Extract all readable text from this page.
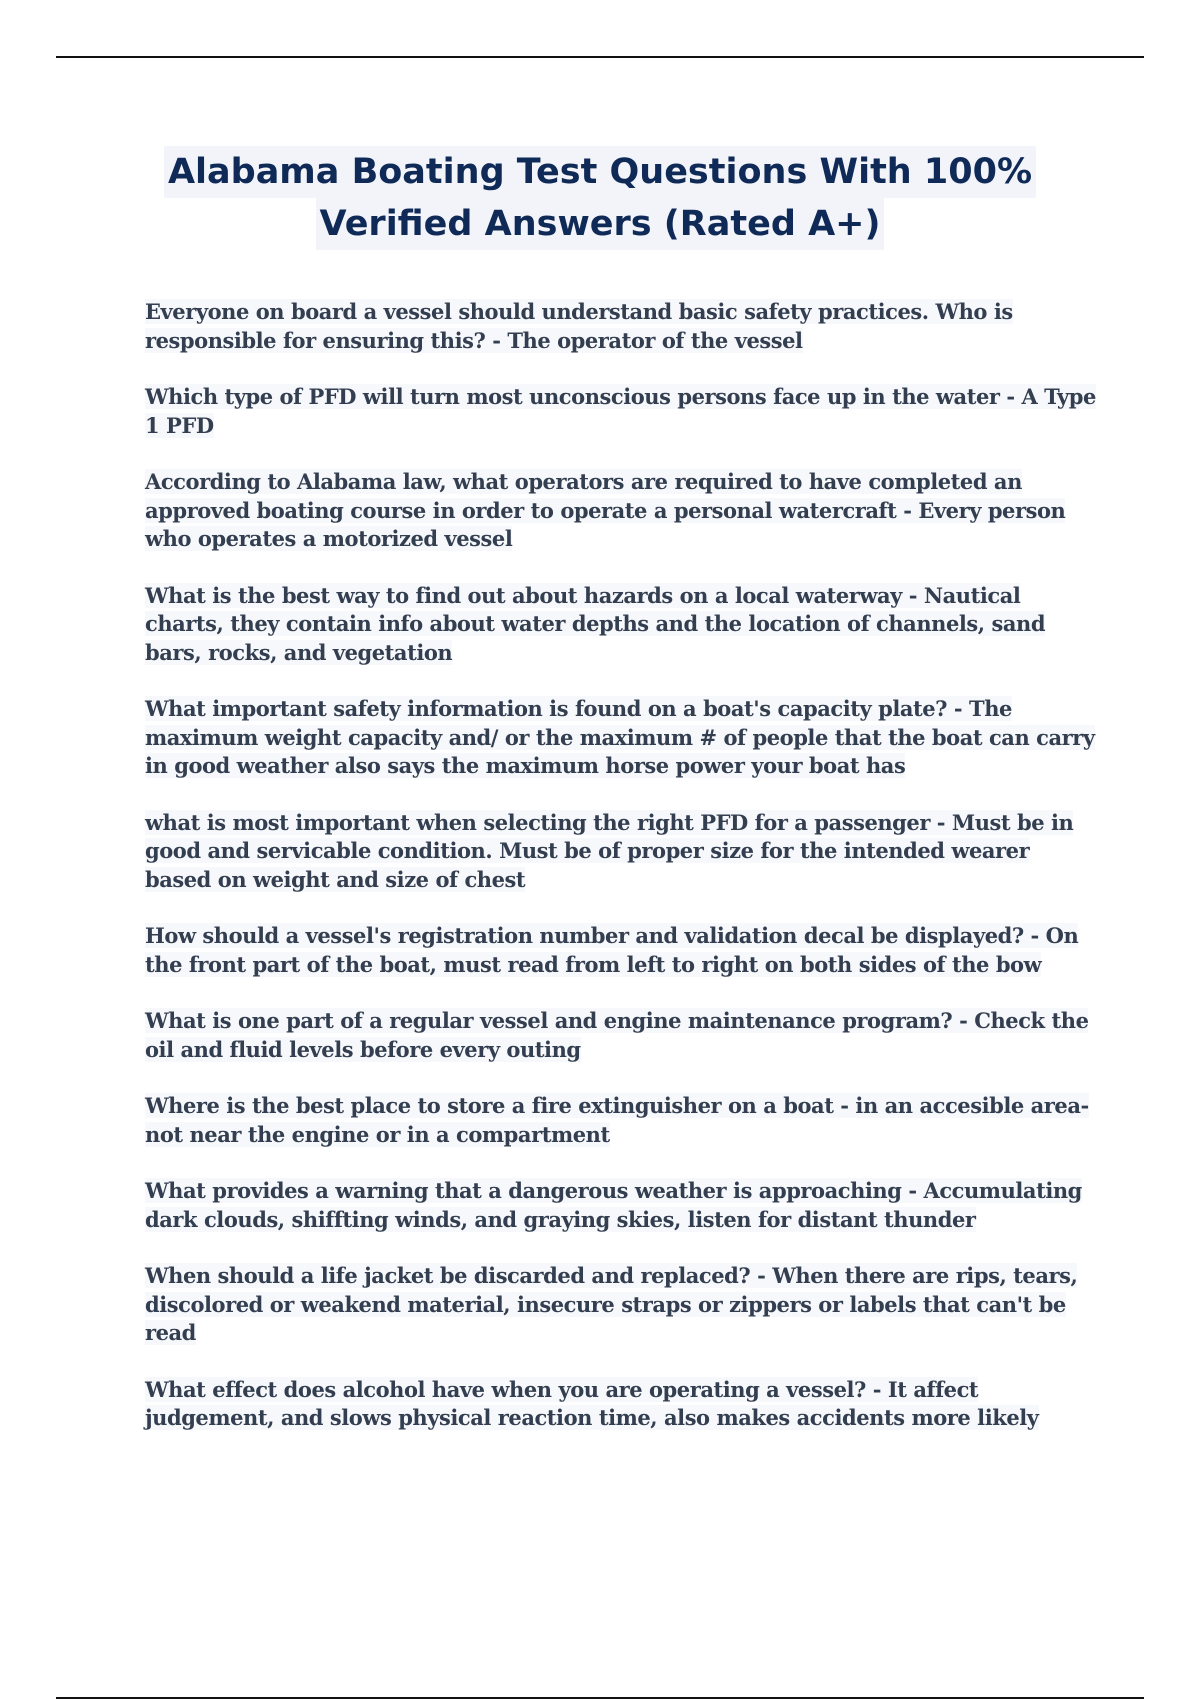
Alabama Boating Test Questions With 100%
Verified Answers (Rated A+)

Everyone on board a vessel should understand basic safety practices. Who is responsible for ensuring this? - The operator of the vessel

Which type of PFD will turn most unconscious persons face up in the water - A Type 1 PFD

According to Alabama law, what operators are required to have completed an approved boating course in order to operate a personal watercraft - Every person who operates a motorized vessel

What is the best way to find out about hazards on a local waterway - Nautical charts, they contain info about water depths and the location of channels, sand bars, rocks, and vegetation

What important safety information is found on a boat's capacity plate? - The maximum weight capacity and/ or the maximum # of people that the boat can carry in good weather also says the maximum horse power your boat has

what is most important when selecting the right PFD for a passenger - Must be in good and servicable condition. Must be of proper size for the intended wearer based on weight and size of chest

How should a vessel's registration number and validation decal be displayed? - On the front part of the boat, must read from left to right on both sides of the bow

What is one part of a regular vessel and engine maintenance program? - Check the oil and fluid levels before every outing

Where is the best place to store a fire extinguisher on a boat - in an accesible area- not near the engine or in a compartment

What provides a warning that a dangerous weather is approaching - Accumulating dark clouds, shiffting winds, and graying skies, listen for distant thunder

When should a life jacket be discarded and replaced? - When there are rips, tears, discolored or weakend material, insecure straps or zippers or labels that can't be read

What effect does alcohol have when you are operating a vessel? - It affect judgement, and slows physical reaction time, also makes accidents more likely
